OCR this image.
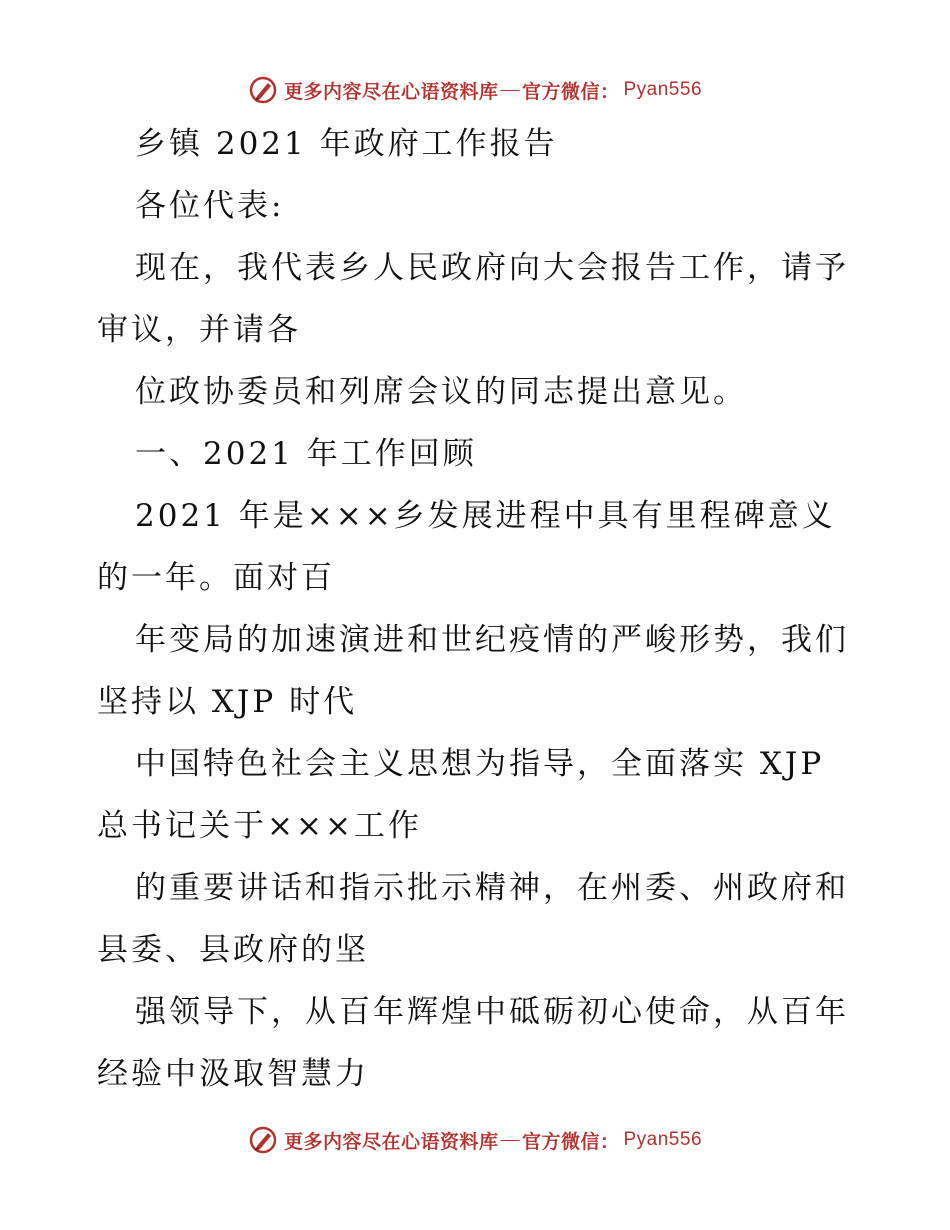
更多内容尽在心语资料库 — 官方微信： Pyan556
乡镇 2021 年政府工作报告
各位代表:
现在，我代表乡人民政府向大会报告工作，请予
审议，并请各
位政协委员和列席会议的同志提出意见。
一、2021 年工作回顾
2021 年是×××乡发展进程中具有里程碑意义
的一年。面对百
年变局的加速演进和世纪疫情的严峻形势，我们
坚持以 XJP 时代
中国特色社会主义思想为指导，全面落实 XJP
总书记关于×××工作
的重要讲话和指示批示精神，在州委、州政府和
县委、县政府的坚
强领导下，从百年辉煌中砥砺初心使命，从百年
经验中汲取智慧力
更多内容尽在心语资料库 — 官方微信： Pyan556
